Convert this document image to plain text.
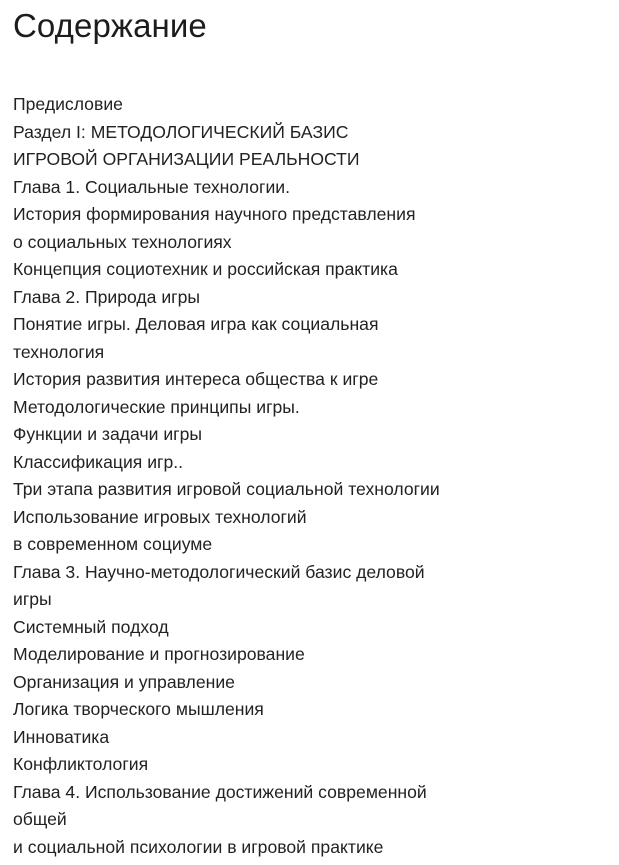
Содержание
Предисловие
Раздел I: МЕТОДОЛОГИЧЕСКИЙ БАЗИС
ИГРОВОЙ ОРГАНИЗАЦИИ РЕАЛЬНОСТИ
Глава 1. Социальные технологии.
История формирования научного представления
о социальных технологиях
Концепция социотехник и российская практика
Глава 2. Природа игры
Понятие игры. Деловая игра как социальная
технология
История развития интереса общества к игре
Методологические принципы игры.
Функции и задачи игры
Классификация игр..
Три этапа развития игровой социальной технологии
Использование игровых технологий
в современном социуме
Глава 3. Научно-методологический базис деловой
игры
Системный подход
Моделирование и прогнозирование
Организация и управление
Логика творческого мышления
Инноватика
Конфликтология
Глава 4. Использование достижений современной
общей
и социальной психологии в игровой практике
